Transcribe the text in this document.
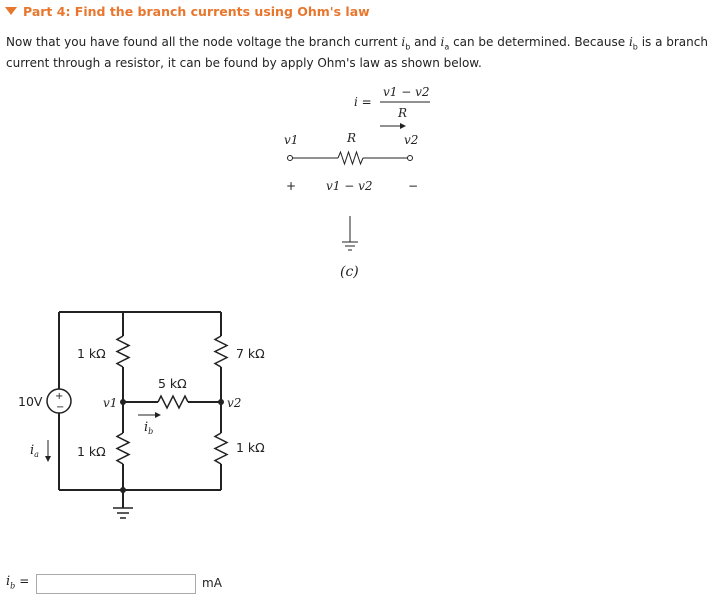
Part 4: Find the branch currents using Ohm's law

Now that you have found all the node voltage the branch current $i_b$ and $i_a$ can be determined. Because $i_b$ is a branch current through a resistor, it can be found by apply Ohm's law as shown below.

i =
v1 − v2
R
v1	R	v2
+ v1 − v2	−
(c)
+
−
10V
$i_a$
1 kΩ
1 kΩ
v1
5 kΩ
$i_b$
7 kΩ
1 kΩ
v2
$i_b$ =	mA
